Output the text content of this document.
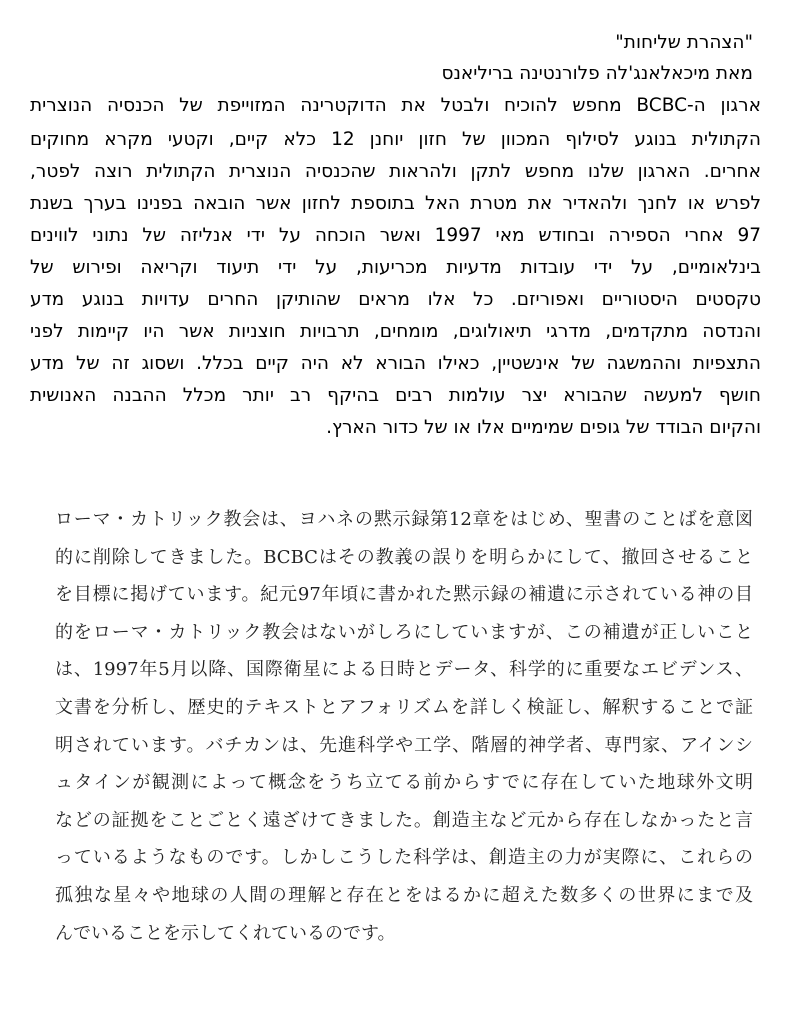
"הצהרת שליחות"
מאת מיכאלאנג'לה פלורנטינה בריליאנס
ארגון ה-BCBC מחפש להוכיח ולבטל את הדוקטרינה המזוייפת של הכנסיה הנוצרית
הקתולית בנוגע לסילוף המכוון של חזון יוחנן 12 כלא קיים, וקטעי מקרא מחוקים
אחרים. הארגון שלנו מחפש לתקן ולהראות שהכנסיה הנוצרית הקתולית רוצה לפטר,
לפרש או לחנך ולהאדיר את מטרת האל בתוספת לחזון אשר הובאה בפנינו בערך בשנת
97 אחרי הספירה ובחודש מאי 1997 ואשר הוכחה על ידי אנליזה של נתוני לווינים
בינלאומיים, על ידי עובדות מדעיות מכריעות, על ידי תיעוד וקריאה ופירוש של
טקסטים היסטוריים ואפוריזם. כל אלו מראים שהותיקן החרים עדויות בנוגע מדע
והנדסה מתקדמים, מדרגי תיאולוגים, מומחים, תרבויות חוצניות אשר היו קיימות לפני
התצפיות וההמשגה של אינשטיין, כאילו הבורא לא היה קיים בכלל. ושסוג זה של מדע
חושף למעשה שהבורא יצר עולמות רבים בהיקף רב יותר מכלל ההבנה האנושית
והקיום הבודד של גופים שמימיים אלו או של כדור הארץ.
ローマ・カトリック教会は、ヨハネの黙示録第12章をはじめ、聖書のことばを意図
的に削除してきました。BCBCはその教義の誤りを明らかにして、撤回させること
を目標に掲げています。紀元97年頃に書かれた黙示録の補遺に示されている神の目
的をローマ・カトリック教会はないがしろにしていますが、この補遺が正しいこと
は、1997年5月以降、国際衛星による日時とデータ、科学的に重要なエビデンス、
文書を分析し、歴史的テキストとアフォリズムを詳しく検証し、解釈することで証
明されています。バチカンは、先進科学や工学、階層的神学者、専門家、アインシ
ュタインが観測によって概念をうち立てる前からすでに存在していた地球外文明
などの証拠をことごとく遠ざけてきました。創造主など元から存在しなかったと言
っているようなものです。しかしこうした科学は、創造主の力が実際に、これらの
孤独な星々や地球の人間の理解と存在とをはるかに超えた数多くの世界にまで及
んでいることを示してくれているのです。
